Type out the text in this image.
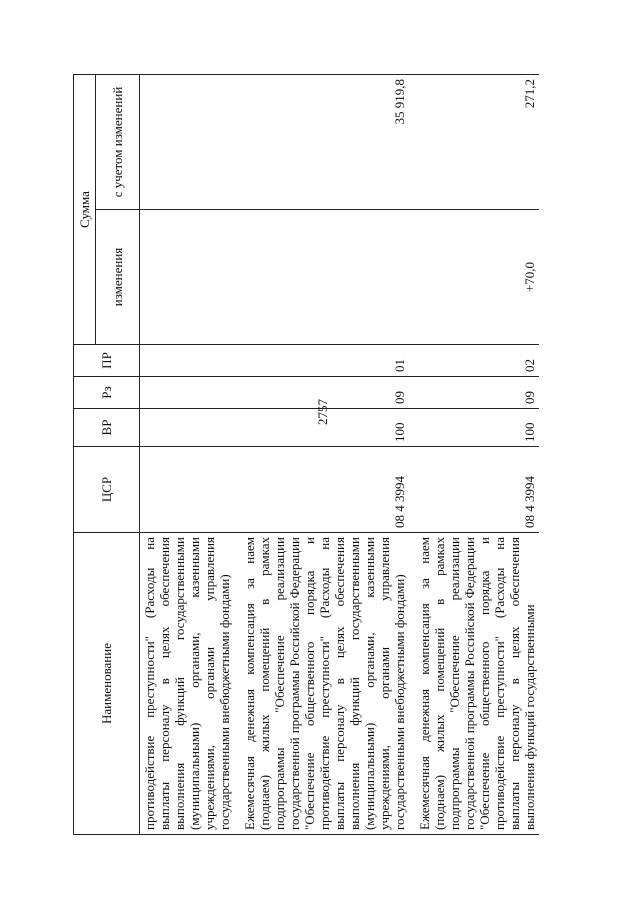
2757
Наименование	ЦСР	ВР	Рз	ПР	Сумма	
					изменения	с учетом изменений
противодействие преступности" (Расходы на выплаты персоналу в целях обеспечения выполнения функций государственными (муниципальными) органами, казенными учреждениями, органами управления государственными внебюджетными фондами)						
Ежемесячная денежная компенсация за наем (поднаем) жилых помещений в рамках подпрограммы "Обеспечение реализации государственной программы Российской Федерации "Обеспечение общественного порядка и противодействие преступности" (Расходы на выплаты персоналу в целях обеспечения выполнения функций государственными (муниципальными) органами, казенными учреждениями, органами управления государственными внебюджетными фондами)	08 4 3994	100	09	01		35 919,8
Ежемесячная денежная компенсация за наем (поднаем) жилых помещений в рамках подпрограммы "Обеспечение реализации государственной программы Российской Федерации "Обеспечение общественного порядка и противодействие преступности" (Расходы на выплаты персоналу в целях обеспечения выполнения функций государственными	08 4 3994	100	09	02	+70,0	271,2
